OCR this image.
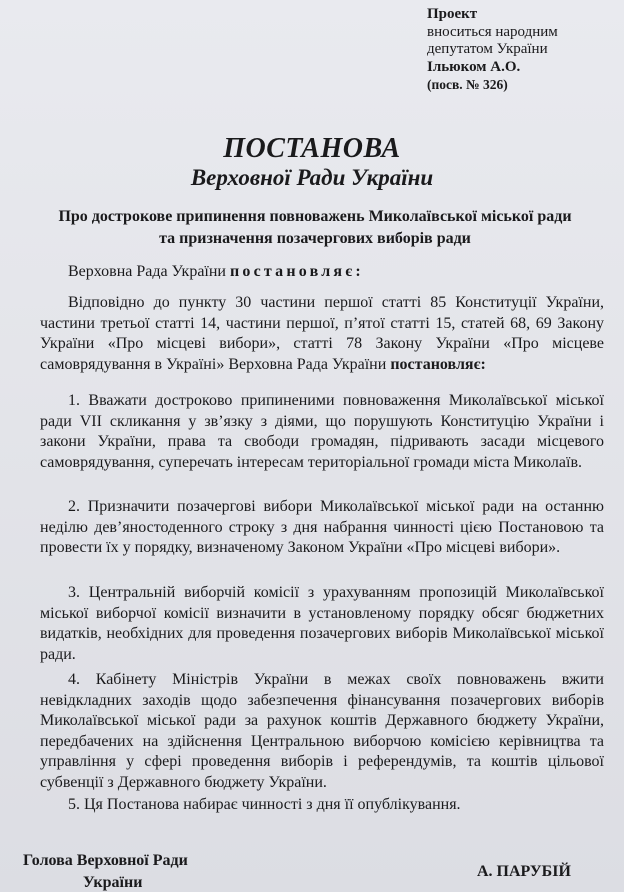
Проект
вноситься народним
депутатом України
Ільюком А.О.
(посв. № 326)
ПОСТАНОВА
Верховної Ради України
Про дострокове припинення повноважень Миколаївської міської ради
та призначення позачергових виборів ради
Верховна Рада України постановляє:

Відповідно до пункту 30 частини першої статті 85 Конституції України, частини третьої статті 14, частини першої, п’ятої статті 15, статей 68, 69 Закону України «Про місцеві вибори», статті 78 Закону України «Про місцеве самоврядування в Україні» Верховна Рада України постановляє:

1. Вважати достроково припиненими повноваження Миколаївської міської ради VII скликання у зв’язку з діями, що порушують Конституцію України і закони України, права та свободи громадян, підривають засади місцевого самоврядування, суперечать інтересам територіальної громади міста Миколаїв.

2. Призначити позачергові вибори Миколаївської міської ради на останню неділю дев’яностоденного строку з дня набрання чинності цією Постановою та провести їх у порядку, визначеному Законом України «Про місцеві вибори».

3. Центральній виборчій комісії з урахуванням пропозицій Миколаївської міської виборчої комісії визначити в установленому порядку обсяг бюджетних видатків, необхідних для проведення позачергових виборів Миколаївської міської ради.

4. Кабінету Міністрів України в межах своїх повноважень вжити невідкладних заходів щодо забезпечення фінансування позачергових виборів Миколаївської міської ради за рахунок коштів Державного бюджету України, передбачених на здійснення Центральною виборчою комісією керівництва та управління у сфері проведення виборів і референдумів, та коштів цільової субвенції з Державного бюджету України.

5. Ця Постанова набирає чинності з дня її опублікування.

Голова Верховної Ради
України
А. ПАРУБІЙ
